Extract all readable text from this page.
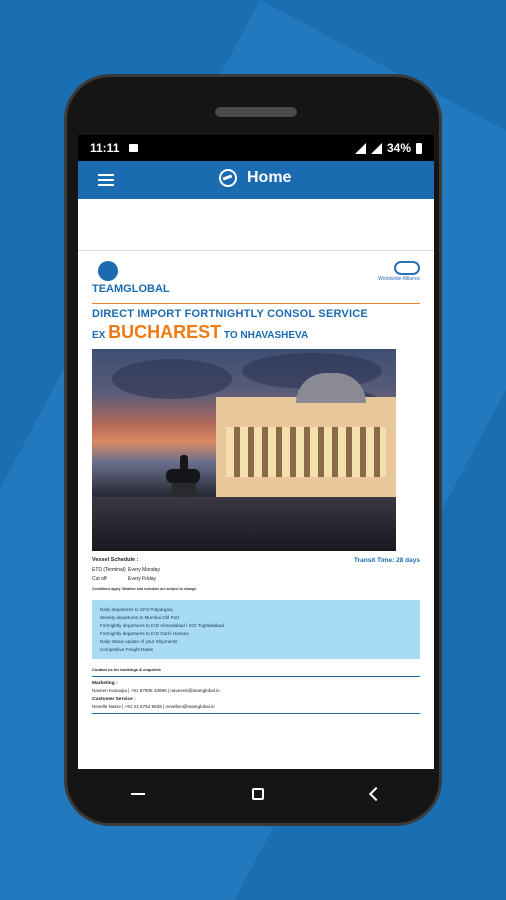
11:11	34%
Home
TEAMGLOBAL
Worldwide Alliance
DIRECT IMPORT FORTNIGHTLY CONSOL SERVICE
EX BUCHAREST TO NHAVASHEVA
Vessel Schedule :	Transit Time: 28 days
ETD (Terminal) Every Monday
Cut off	Every Friday
Conditions apply. Weather and schedule are subject to change.
Daily departures to CFS Patparganj
Weekly departures to Mumbai Old Port
Fortnightly departures to ICD Ahmedabad / ICD Tughlakabad
Fortnightly departures to ICD Garhi Harsaru
Daily status update of your Shipments
Competitive Freight Rates
Contact us for bookings & enquiries
Marketing :
Naveen Kanaujia | +91 87905 43696 | naveenk@teamglobal.in
Customer Service :
Nevelle Nakre | +91 22 6754 9639 | nevellen@teamglobal.in
